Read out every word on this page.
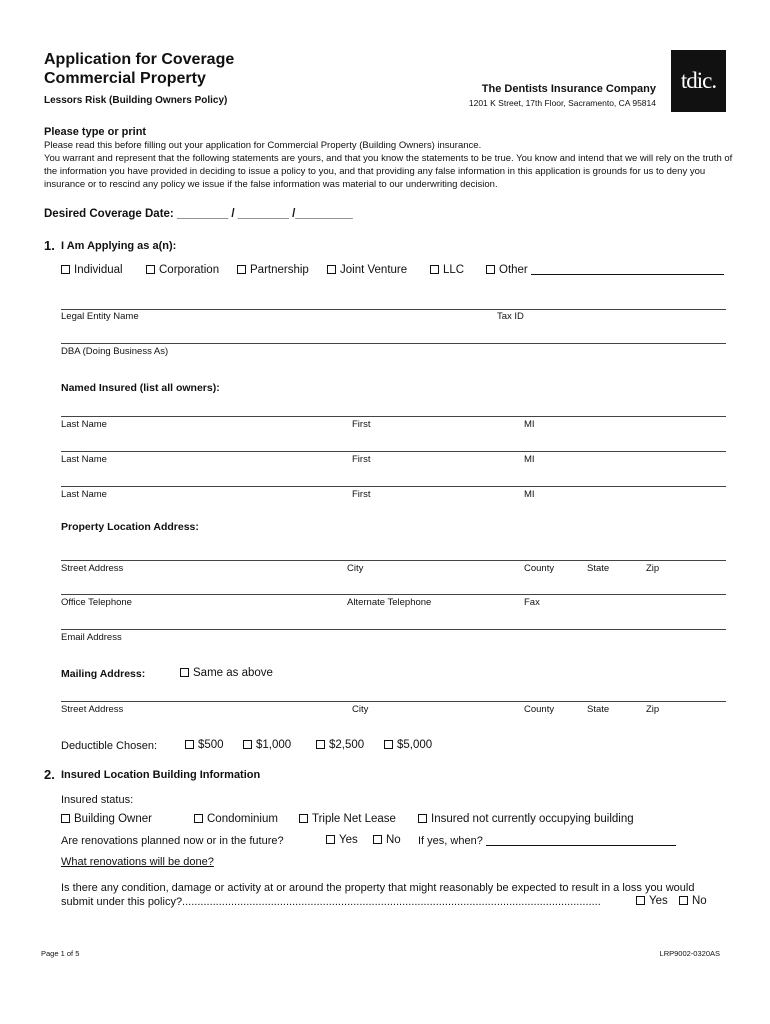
Application for Coverage
Commercial Property
Lessors Risk (Building Owners Policy)
The Dentists Insurance Company
1201 K Street, 17th Floor, Sacramento, CA 95814
tdic.
Please type or print
Please read this before filling out your application for Commercial Property (Building Owners) insurance.
You warrant and represent that the following statements are yours, and that you know the statements to be true. You know and intend that we will rely on the truth of the information you have provided in deciding to issue a policy to you, and that providing any false information in this application is grounds for us to deny you insurance or to rescind any policy we issue if the false information was material to our underwriting decision.
Desired Coverage Date: ________ / ________ /_________
1. I Am Applying as a(n):
Individual	Corporation	Partnership	Joint Venture	LLC	Other
Legal Entity Name	Tax ID
DBA (Doing Business As)
Named Insured (list all owners):
Last Name	First	MI
Last Name	First	MI
Last Name	First	MI
Property Location Address:
Street Address	City	County	State	Zip
Office Telephone	Alternate Telephone	Fax
Email Address
Mailing Address:	Same as above
Street Address	City	County	State	Zip
Deductible Chosen:	$500	$1,000	$2,500	$5,000
2. Insured Location Building Information
Insured status:
Building Owner	Condominium	Triple Net Lease	Insured not currently occupying building
Are renovations planned now or in the future?	Yes	No If yes, when?
What renovations will be done?
Is there any condition, damage or activity at or around the property that might reasonably be expected to result in a loss you would
submit under this policy?.........................................................................................................................................	Yes	No
Page 1 of 5	LRP9002-0320AS
